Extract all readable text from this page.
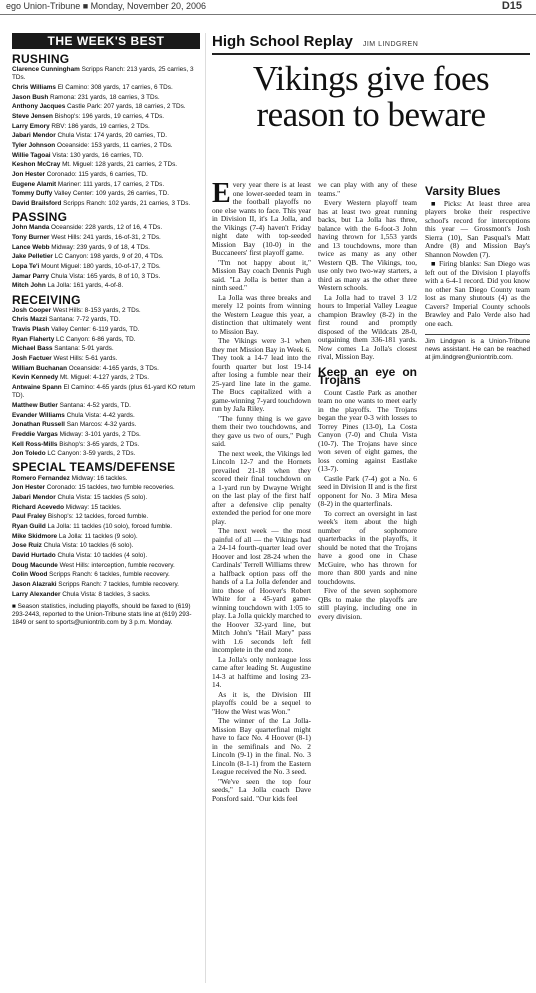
ego Union-Tribune ■ Monday, November 20, 2006	D15
THE WEEK'S BEST
RUSHING
Clarence Cunningham Scripps Ranch: 213 yards, 25 carries, 3 TDs.
Chris Williams El Camino: 308 yards, 17 carries, 6 TDs.
Jason Bush Ramona: 231 yards, 18 carries, 3 TDs.
Anthony Jacques Castle Park: 207 yards, 18 carries, 2 TDs.
Steve Jensen Bishop's: 196 yards, 19 carries, 4 TDs.
Larry Emory RBV: 186 yards, 19 carries, 2 TDs.
Jabari Mendor Chula Vista: 174 yards, 20 carries, TD.
Tyler Johnson Oceanside: 153 yards, 11 carries, 2 TDs.
Willie Tagoai Vista: 130 yards, 16 carries, TD.
Keshon McCray Mt. Miguel: 128 yards, 21 carries, 2 TDs.
Jon Hester Coronado: 115 yards, 6 carries, TD.
Eugene Alamit Mariner: 111 yards, 17 carries, 2 TDs.
Tommy Duffy Valley Center: 109 yards, 26 carries, TD.
David Brailsford Scripps Ranch: 102 yards, 21 carries, 3 TDs.
PASSING
John Manda Oceanside: 228 yards, 12 of 16, 4 TDs.
Tony Burner West Hills: 241 yards, 16-of-31, 2 TDs.
Lance Webb Midway: 239 yards, 9 of 18, 4 TDs.
Jake Pelletier LC Canyon: 198 yards, 9 of 20, 4 TDs.
Lopa Te'i Mount Miguel: 180 yards, 10-of-17, 2 TDs.
Jamar Parry Chula Vista: 165 yards, 8 of 10, 3 TDs.
Mitch John La Jolla: 161 yards, 4-of-8.
RECEIVING
Josh Cooper West Hills: 8-153 yards, 2 TDs.
Chris Mazzi Santana: 7-72 yards, TD.
Travis Plash Valley Center: 6-119 yards, TD.
Ryan Flaherty LC Canyon: 6-86 yards, TD.
Michael Bass Santana: 5-91 yards.
Josh Factuer West Hills: 5-61 yards.
William Buchanan Oceanside: 4-165 yards, 3 TDs.
Kevin Kennedy Mt. Miguel: 4-127 yards, 2 TDs.
Antwaine Spann El Camino: 4-65 yards (plus 61-yard KO return TD).
Matthew Butler Santana: 4-52 yards, TD.
Evander Williams Chula Vista: 4-42 yards.
Jonathan Russell San Marcos: 4-32 yards.
Freddie Vargas Midway: 3-101 yards, 2 TDs.
Kell Ross-Mills Bishop's: 3-65 yards, 2 TDs.
Jon Toledo LC Canyon: 3-59 yards, 2 TDs.
SPECIAL TEAMS/DEFENSE
Romero Fernandez Midway: 16 tackles.
Jon Hester Coronado: 15 tackles, two fumble recoveries.
Jabari Mendor Chula Vista: 15 tackles (5 solo).
Richard Acevedo Midway: 15 tackles.
Paul Fraley Bishop's: 12 tackles, forced fumble.
Ryan Guild La Jolla: 11 tackles (10 solo), forced fumble.
Mike Skidmore La Jolla: 11 tackles (9 solo).
Jose Ruiz Chula Vista: 10 tackles (6 solo).
David Hurtado Chula Vista: 10 tackles (4 solo).
Doug Macunde West Hills: interception, fumble recovery.
Colin Wood Scripps Ranch: 6 tackles, fumble recovery.
Jason Alazraki Scripps Ranch: 7 tackles, fumble recovery.
Larry Alexander Chula Vista: 8 tackles, 3 sacks.
■ Season statistics, including playoffs, should be faxed to (619) 293-2443, reported to the Union-Tribune stats line at (619) 293-1849 or sent to sports@uniontrib.com by 3 p.m. Monday.
High School Replay JIM LINDGREN
Vikings give foes
reason to beware
E very year there is at least one lower-seeded team in the football playoffs no one else wants to face. This year in Division II, it's La Jolla, and the Vikings (7-4) haven't Friday night date with top-seeded Mission Bay (10-0) in the Buccaneers' first playoff game.

"I'm not happy about it," Mission Bay coach Dennis Pugh said. "La Jolla is better than a ninth seed."

La Jolla was three breaks and merely 12 points from winning the Western League this year, a distinction that ultimately went to Mission Bay.

The Vikings were 3-1 when they met Mission Bay in Week 6. They took a 14-7 lead into the fourth quarter but lost 19-14 after losing a fumble near their 25-yard line late in the game. The Bucs capitalized with a game-winning 7-yard touchdown run by JaJa Riley.

"The funny thing is we gave them their two touchdowns, and they gave us two of ours," Pugh said.

The next week, the Vikings led Lincoln 12-7 and the Hornets prevailed 21-18 when they scored their final touchdown on a 1-yard run by Dwayne Wright on the last play of the first half after a defensive clip penalty extended the period for one more play.

The next week — the most painful of all — the Vikings had a 24-14 fourth-quarter lead over Hoover and lost 28-24 when the Cardinals' Terrell Williams threw a halfback option pass off the hands of a La Jolla defender and into those of Hoover's Robert White for a 45-yard game-winning touchdown with 1:05 to play. La Jolla quickly marched to the Hoover 32-yard line, but Mitch John's "Hail Mary" pass with 1.6 seconds left fell incomplete in the end zone.

La Jolla's only nonleague loss came after leading St. Augustine 14-3 at halftime and losing 23-14.

As it is, the Division III playoffs could be a sequel to "How the West was Won."

The winner of the La Jolla-Mission Bay quarterfinal might have to face No. 4 Hoover (8-1) in the semifinals and No. 2 Lincoln (9-1) in the final. No. 3 Lincoln (8-1-1) from the Eastern League received the No. 3 seed.

"We've seen the top four seeds," La Jolla coach Dave Ponsford said. "Our kids feel

we can play with any of these teams."

Every Western playoff team has at least two great running backs, but La Jolla has three, balance with the 6-foot-3 John having thrown for 1,553 yards and 13 touchdowns, more than twice as many as any other Western QB. The Vikings, too, use only two two-way starters, a third as many as the other three Western schools.

La Jolla had to travel 3 1/2 hours to Imperial Valley League champion Brawley (8-2) in the first round and promptly disposed of the Wildcats 28-0, outgaining them 336-181 yards. Now comes La Jolla's closest rival, Mission Bay.

Keep an eye on Trojans

Count Castle Park as another team no one wants to meet early in the playoffs. The Trojans began the year 0-3 with losses to Torrey Pines (13-0), La Costa Canyon (7-0) and Chula Vista (10-7). The Trojans have since won seven of eight games, the loss coming against Eastlake (13-7).

Castle Park (7-4) got a No. 6 seed in Division II and is the first opponent for No. 3 Mira Mesa (8-2) in the quarterfinals.

To correct an oversight in last week's item about the high number of sophomore quarterbacks in the playoffs, it should be noted that the Trojans have a good one in Chase McGuire, who has thrown for more than 800 yards and nine touchdowns.

Five of the seven sophomore QBs to make the playoffs are still playing, including one in every division.

Varsity Blues

■ Picks: At least three area players broke their respective school's record for interceptions this year — Grossmont's Josh Sierra (10), San Pasqual's Matt Andre (8) and Mission Bay's Shannon Nowden (7).

■ Firing blanks: San Diego was left out of the Division I playoffs with a 6-4-1 record. Did you know no other San Diego County team lost as many shutouts (4) as the Cavers? Imperial County schools Brawley and Palo Verde also had one each.

Jim Lindgren is a Union-Tribune news assistant. He can be reached at jim.lindgren@uniontrib.com.
